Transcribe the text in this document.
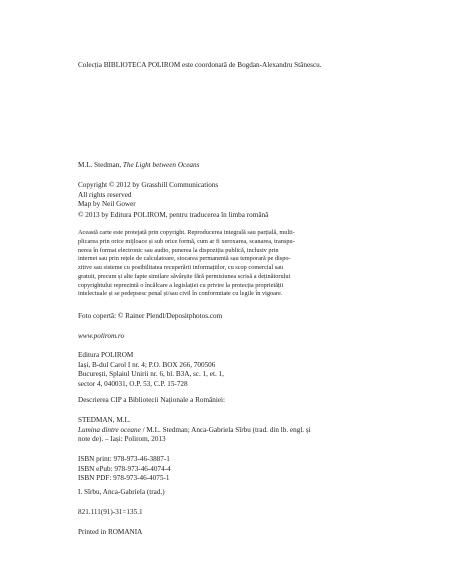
Colecția BIBLIOTECA POLIROM este coordonată de Bogdan-Alexandru Stănescu.
M.L. Stedman, The Light between Oceans
Copyright © 2012 by Grasshill Communications
All rights reserved
Map by Neil Gower
© 2013 by Editura POLIROM, pentru traducerea în limba română
Această carte este protejată prin copyright. Reproducerea integrală sau parțială, multi-
plicarea prin orice mijloace și sub orice formă, cum ar fi xeroxarea, scanarea, transpu-
nerea în format electronic sau audio, punerea la dispoziția publică, inclusiv prin
internet sau prin rețele de calculatoare, stocarea permanentă sau temporară pe dispo-
zitive sau sisteme cu posibilitatea recuperării informațiilor, cu scop comercial sau
gratuit, precum și alte fapte similare săvârșite fără permisiunea scrisă a deținătorului
copyrightului reprezintă o încălcare a legislației cu privire la protecția proprietății
intelectuale și se pedepsesc penal și/sau civil în conformitate cu legile în vigoare.
Foto copertă: © Rainer Plendl/Depositphotos.com
www.polirom.ro
Editura POLIROM
Iași, B-dul Carol I nr. 4; P.O. BOX 266, 700506
București, Splaiul Unirii nr. 6, bl. B3A, sc. 1, et. 1,
sector 4, 040031, O.P. 53, C.P. 15-728
Descrierea CIP a Bibliotecii Naționale a României:
STEDMAN, M.L.
Lumina dintre oceane / M.L. Stedman; Anca-Gabriela Sîrbu (trad. din lb. engl. și
note de). – Iași: Polirom, 2013
ISBN print: 978-973-46-3887-1
ISBN ePub: 978-973-46-4074-4
ISBN PDF: 978-973-46-4075-1
I. Sîrbu, Anca-Gabriela (trad.)
821.111(91)-31=135.1
Printed in ROMANIA
